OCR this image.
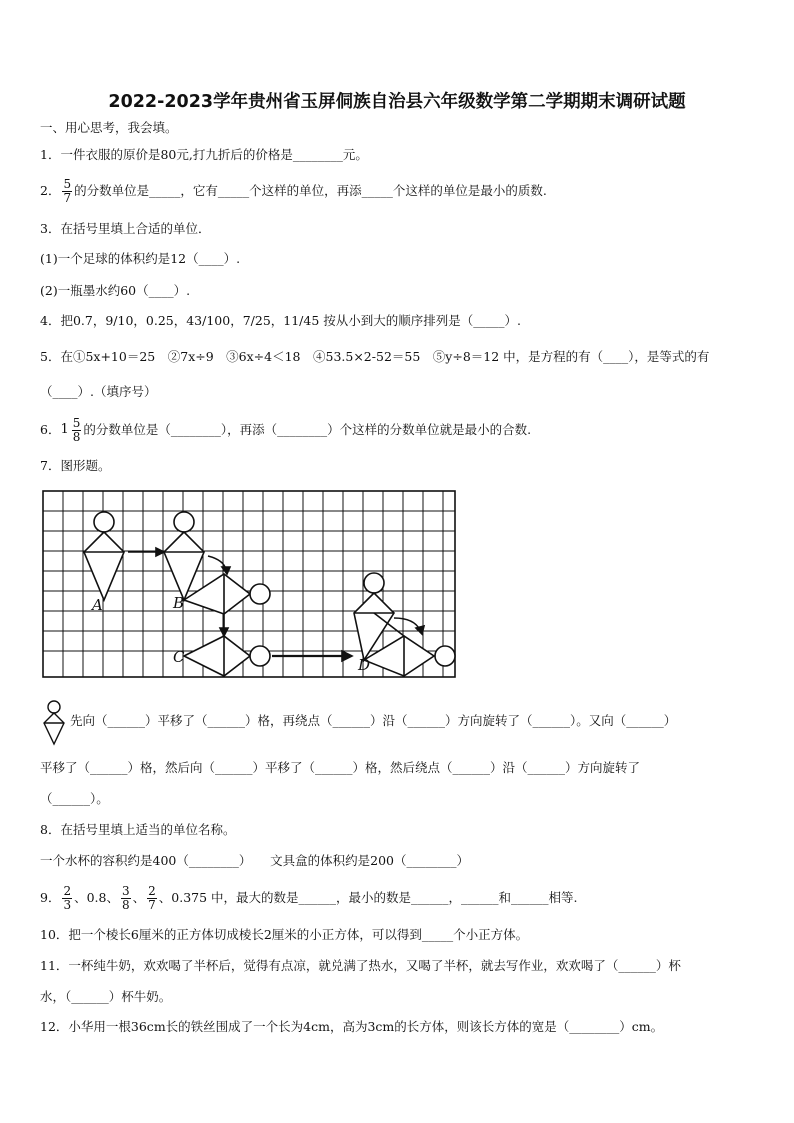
2022-2023学年贵州省玉屏侗族自治县六年级数学第二学期期末调研试题
一、用心思考，我会填。
1．一件衣服的原价是80元,打九折后的价格是________元。
2． $\frac{5}{7}$ 的分数单位是_____，它有_____个这样的单位，再添_____个这样的单位是最小的质数.
3．在括号里填上合适的单位．
(1)一个足球的体积约是12（____）.
(2)一瓶墨水约60（____）.
4．把0.7，9/10，0.25，43/100，7/25，11/45 按从小到大的顺序排列是（_____）.
5．在①5x+10＝25　②7x÷9　③6x÷4＜18　④53.5×2-52＝55　⑤y÷8＝12 中，是方程的有（____），是等式的有
（____）.（填序号）
6． $1 \frac{5}{8}$ 的分数单位是（________），再添（________）个这样的分数单位就是最小的合数.
7．图形题。
A	B
C	D
先向（______）平移了（______）格，再绕点（______）沿（______）方向旋转了（______）。又向（______）
平移了（______）格，然后向（______）平移了（______）格，然后绕点（______）沿（______）方向旋转了
（______）。
8．在括号里填上适当的单位名称。
一个水杯的容积约是400（________）　　文具盒的体积约是200（________）
9． $\frac{2}{3}$ 、0.8、 $\frac{3}{8}$ 、 $\frac{2}{7}$ 、0.375 中，最大的数是______，最小的数是______，______和______相等.
10．把一个棱长6厘米的正方体切成棱长2厘米的小正方体，可以得到_____个小正方体。
11．一杯纯牛奶，欢欢喝了半杯后，觉得有点凉，就兑满了热水，又喝了半杯，就去写作业，欢欢喝了（______）杯
水，（______）杯牛奶。
12．小华用一根36cm长的铁丝围成了一个长为4cm，高为3cm的长方体，则该长方体的宽是（________）cm。
